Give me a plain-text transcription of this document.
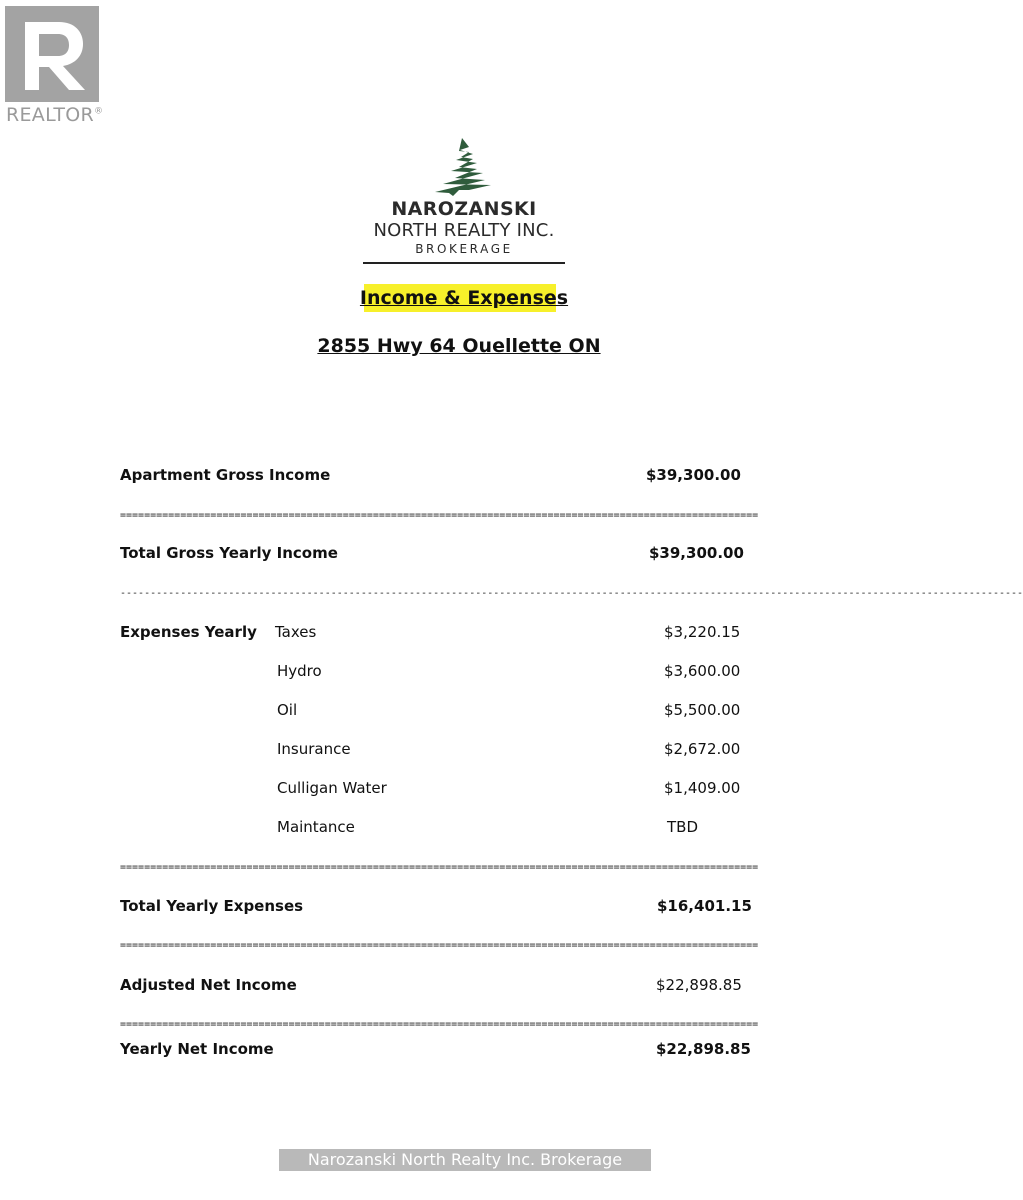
REALTOR®
NAROZANSKI
NORTH REALTY INC.
BROKERAGE
Income & Expenses
2855 Hwy 64 Ouellette ON
Apartment Gross Income	$39,300.00
==========================================================================================================
Total Gross Yearly Income	$39,300.00
------------------------------------------------------------------------------------------------------------------------------------------------------
Expenses Yearly Taxes	$3,220.15
Hydro	$3,600.00
Oil	$5,500.00
Insurance	$2,672.00
Culligan Water	$1,409.00
Maintance	TBD
==========================================================================================================
Total Yearly Expenses	$16,401.15
==========================================================================================================
Adjusted Net Income	$22,898.85
==========================================================================================================
Yearly Net Income	$22,898.85
Narozanski North Realty Inc. Brokerage
